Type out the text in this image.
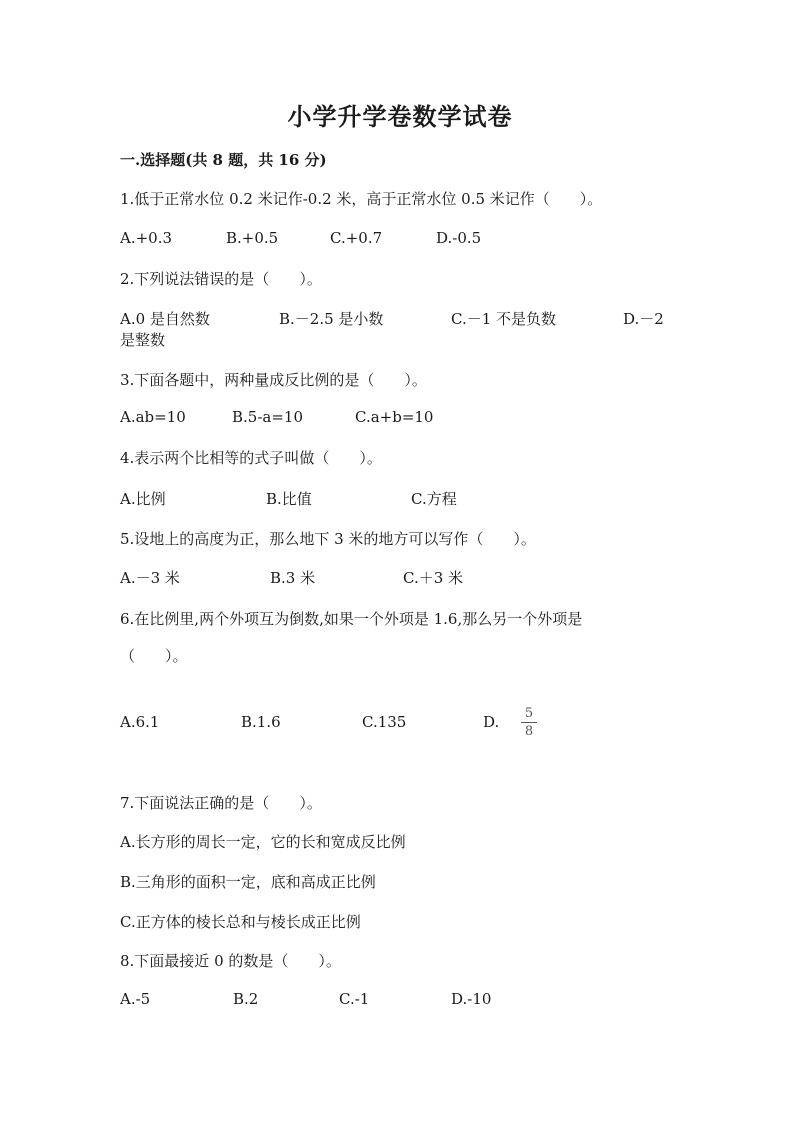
小学升学卷数学试卷
一.选择题(共 8 题，共 16 分)
1.低于正常水位 0.2 米记作-0.2 米，高于正常水位 0.5 米记作（　　）。
A.+0.3	B.+0.5	C.+0.7	D.-0.5
2.下列说法错误的是（　　）。
A.0 是自然数	B.－2.5 是小数	C.－1 不是负数	D.－2
是整数
3.下面各题中，两种量成反比例的是（　　）。
A.ab=10	B.5-a=10	C.a+b=10
4.表示两个比相等的式子叫做（　　）。
A.比例	B.比值	C.方程
5.设地上的高度为正，那么地下 3 米的地方可以写作（　　）。
A.－3 米	B.3 米	C.＋3 米
6.在比例里,两个外项互为倒数,如果一个外项是 1.6,那么另一个外项是
（　　）。
A.6.1	B.1.6	C.135	D. 5
8
7.下面说法正确的是（　　）。
A.长方形的周长一定，它的长和宽成反比例
B.三角形的面积一定，底和高成正比例
C.正方体的棱长总和与棱长成正比例
8.下面最接近 0 的数是（　　）。
A.-5	B.2	C.-1	D.-10
